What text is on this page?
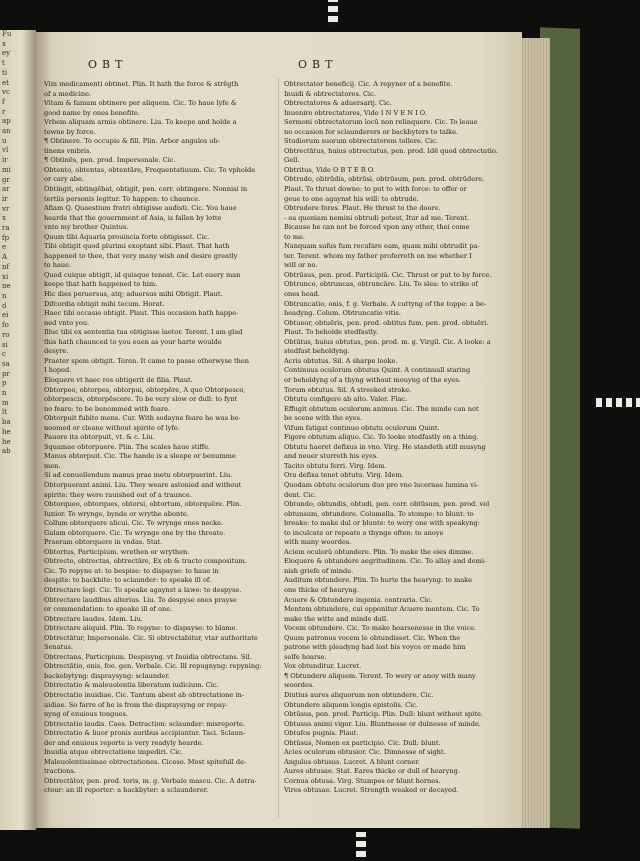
Fu
x
ey
t
ti
et
vc
f
r
ap
an
u
vl
ir
mi
gr
ar
ir
vr
x
ra
fp
e
A
nf
xi
ne
n
d
ei
fo
ro
si
c
sa
pr
p
n
m
lt
ba
he
he
ab
OBT	OBT
Vim medicamenti obtinet. Plin. It hath the force & strēgth
of a medicine.
Vitam & famam obtinere per aliquem. Cic. To haue lyfe &
good name by ones benefite.
Vrbem aliquam armis obtinere. Liu. To keepe and holde a
towne by force.
¶ Obtinere. To occupie & fill. Plin. Arbor angulos ob-
tinens vmbris.
¶ Obtinēs, pen. prod. Impersonale. Cic.
Obtento, obtentas, obtentāre, Frequentatiuum. Cic. To vpholde
or cary abe.
Obtingit, obtingēbat, obtigit, pen. corr. obtingere. Nonnisi in
tertiis personis legitur. To happen: to chaunce.
Afiam Q. Quaestium fratri obtigisse audisti. Cic. You haue
hearde that the gouernment of Asia, is fallen by lotte
vnto my brother Quintus.
Quum tibi Aquaria prouincia forte obtigisset. Cic.
Tibi obtigit quod plurimi exoptant sibi. Plaut. That hath
happened to thee, that very many wish and desire greatly
to haue.
Quod cuique obtigit, id quisque teneat. Cic. Let euery man
keepe that hath happened to him.
Hic dies peruersus, atq; aduersus mihi Obtigit. Plaut.
Difcordia obtigit mihi tecum. Horat.
Haec tibi occasio obtigit. Plaut. This occasion hath happe-
ned vnto you.
Illuc tibi ex sententia tua obtigisse laetor. Terent. I am glad
this hath chaunced to you euen as your harte woulde
desyre.
Praeter spem obtigit. Teren. It came to passe otherwyse then
I hoped.
Eloquere vt haec res obtigerit de filia. Plaut.
Obtorpeo, obtorpes, obtorpui, obtorpēre, A quo Obtorpesco,
obtorpescis, obtorpēscere. To be very slow or dull: to fynt
no feare: to be benommed with feare.
Obtorpuit fubito mens. Cur. With sodayne feare he was be-
noomed or cleane without spirite of lyfe.
Pauore ita obtorpuit, vt. & c. Liu.
Squamae obtorpuere. Plin. The scales haue stiffe.
Manus obtorpuit. Cic. The hande is a sleape or benumme
men.
Si ad conuellendum manus prae metu obtorpuerint. Liu.
Obtorpuerant animi. Liu. They weare astonied and without
spirite: they were rauished out of a traunce.
Obtorqueo, obtorques, obtorsi, obtortum, obtorquēre. Plin.
Iunior. To wrynge, bynde or wrythe abonte.
Collum obtorquere alicui. Cic. To wrynge ones necke.
Gulam obtorquere. Cic. To wrynge one by the throate.
Praeram obtorquere in vndas. Stat.
Obtortus, Participium. wrethen or wrythen.
Obtrecto, obtrectas, obtrectāre, Ex ob & tracto compositum.
Cic. To repyne at: to bespise: to dispayse: to haue in
despite: to backbite: to sclaunder: to speake ill of.
Obtrectare legi. Cic. To speake agaynst a lawe: to despyse.
Obtrectare laudibus alterius. Liu. To despyse ones prayse
or commendation: to speake ill of one.
Obtrectare laudes. Idem. Liu.
Obtrectare aliquid. Plin. To repyne: to dispayse: to blame.
Obtrectātur, Impersonale. Cic. Si obtrectabitur, vtar authoritate
Senatus.
Obtrectans, Participium. Despisyng. vt Inuidia obtrectans. Sil.
Obtrectātio, onis, foe. gen. Verbale. Cic. Ill repugnyng: repyning:
backebytyng: dispraysyng: sclaunder.
Obtrectatio & maleuolentia liberatum iudicium. Cic.
Obtrectatio inuidiae. Cic. Tantum abest ab obtrectatione in-
uidiae. So farre of he is from the dispraysyng or repay-
nyng of enuious tongues.
Obtrectatio laudis. Caes. Detraction: sclaunder: misreporte.
Obtrectatio & liuor pronis auribus accipiuntur. Taci. Sclaun-
der and enuious reporte is very readyly hearde.
Inuidia atque obtrectatione impediri. Cic.
Maleuolentissimae obtrectationes. Ciceso. Most spitefull de-
tractions.
Obtrectātor, pen. prod. toris, m. g. Verbale mascu. Cic. A detra-
ctour: an ill reporter: a backbyter: a sclaunderer.
Obtrectator beneficij. Cic. A repyner of a benefite.
Inuidi & obtrectatores. Cic.
Obtrectatores & aduersarij. Cic.
Inuenire obtrectatores, Vide I N V E N I O.
Sermoni obtrectatorum locū non relinquere. Cic. To leaue
no occasion for sclaunderers or backbyters to talke.
Studiorum suorum obtrectatorem tollere. Cic.
Obtrectātus, huius obtrectatus, pen. prod. Idē quod obtrectatio.
Gell.
Obtritus, Vide O B T E R O.
Obtrudo, obtrūdis, obtrūsi, obtrūsum, pen. prod. obtrūdere.
Plaut. To thrust downe: to put to with force: to offer or
geue to one agaynst his will: to obtrude.
Obtrudere fores. Plaut. He thrust to the doore.
- ea quoniam nemini obtrudi potest, Itur ad me. Terent.
Bicause he can not be forced vpon any other, thei come
to me.
Nanquam sufus fum recufare eam, quam mihi obtrudit pa-
ter. Terent. whom my father proferreth on me whether I
will or no.
Obtrūsus, pen. prod. Participiū. Cic. Thrust or put to by force.
Obtrunco, obtruncas, obtruncāre. Liu. To slea: to strike of
ones head.
Obtruncatio, onis, f. g. Verbale. A cuttyng of the toppe: a be-
headyng. Colum. Obtruncatio vitis.
Obtueor, obtuēris, pen. prod. obtitus fum, pen. prod. obtuēri.
Plaut. To beholde stedfastly.
Obtūtus, huius obtutus, pen. prod. m. g. Virgil. Cic. A looke: a
stedfast beholdyng.
Acris obtutus. Sil. A sharpe looke.
Continuus oculorum obtutus Quint. A continuall staring
or beholdyng of a thyng without mouyng of the eyes.
Torum obtutus. Sil. A streeked stroke.
Obtutu configere ab alto. Valer. Flac.
Effugit obtutum oculorum animus. Cic. The minde can not
be scene with the eyes.
Vifum fatigat continuo obtutu oculorum Quint.
Figere obtutum aliquo. Cic. To looke stedfastly on a thing.
Obtutu haeret defixus in vno. Virg. He standeth still musyng
and neuer sturreth his eyes.
Tacito obtutu ferri. Virg. Idem.
Ora defixa tenet obtutu. Virg. Idem.
Quodam obtutu oculorum duo pro vno lucernae lumina vi-
dent. Cic.
Obtundo, obtundis, obtudi, pen. corr. obtūsum, pen. prod. vel
obtunsum, obtundere. Columella. To stompe: to blunt: to
breake: to make dul or blunte: to wery one with speakyng:
to inculcate or repeate a thynge often: to anoye
with many woordes.
Aciem oculorū obtundere. Plin. To make the eies dimme.
Eloquere & obtundere aegritudinem. Cic. To allay and demi-
nish griefe of minde.
Auditum obtundere. Plin. To hurte the hearyng: to make
one thicke of hearyng.
Acuere & Obtundere ingenia. contraria. Cic.
Mentem obtundere, cui opponitur Acuere mentem. Cic. To
make the witte and minde dull.
Vocem obtundere. Cic. To make hoarsenesse in the voice.
Quum patronus vocem le obtundisset. Cic. When the
patrone with pleadyng had lost his voyce or made him
selfe hoarse.
Vox obtunditur. Lucret.
¶ Obtundere aliquem. Terent. To wery or anoy with many
woordes.
Diutius aures aliquorum non obtundere. Cic.
Obtundere aliquem longis epistolis. Cic.
Obtūsus, pen. prod. Particip. Plin. Dull: blunt without spite.
Obtusus animi vigor. Liu. Bluntnesse or dulnesse of minde.
Obtufos pugnis. Plaut.
Obtūsus, Nomen ex participio. Cic. Dull: blunt.
Acies oculorum obtusior. Cic. Dimnesse of sight.
Angulus obtusus. Lucret. A blunt corner.
Aures obtusae. Stat. Eares thicke or dull of hearyng.
Cornua obtusa. Virg. Stumpes or blunt hornes.
Vires obtusae. Lucret. Strength weaked or decayed.
